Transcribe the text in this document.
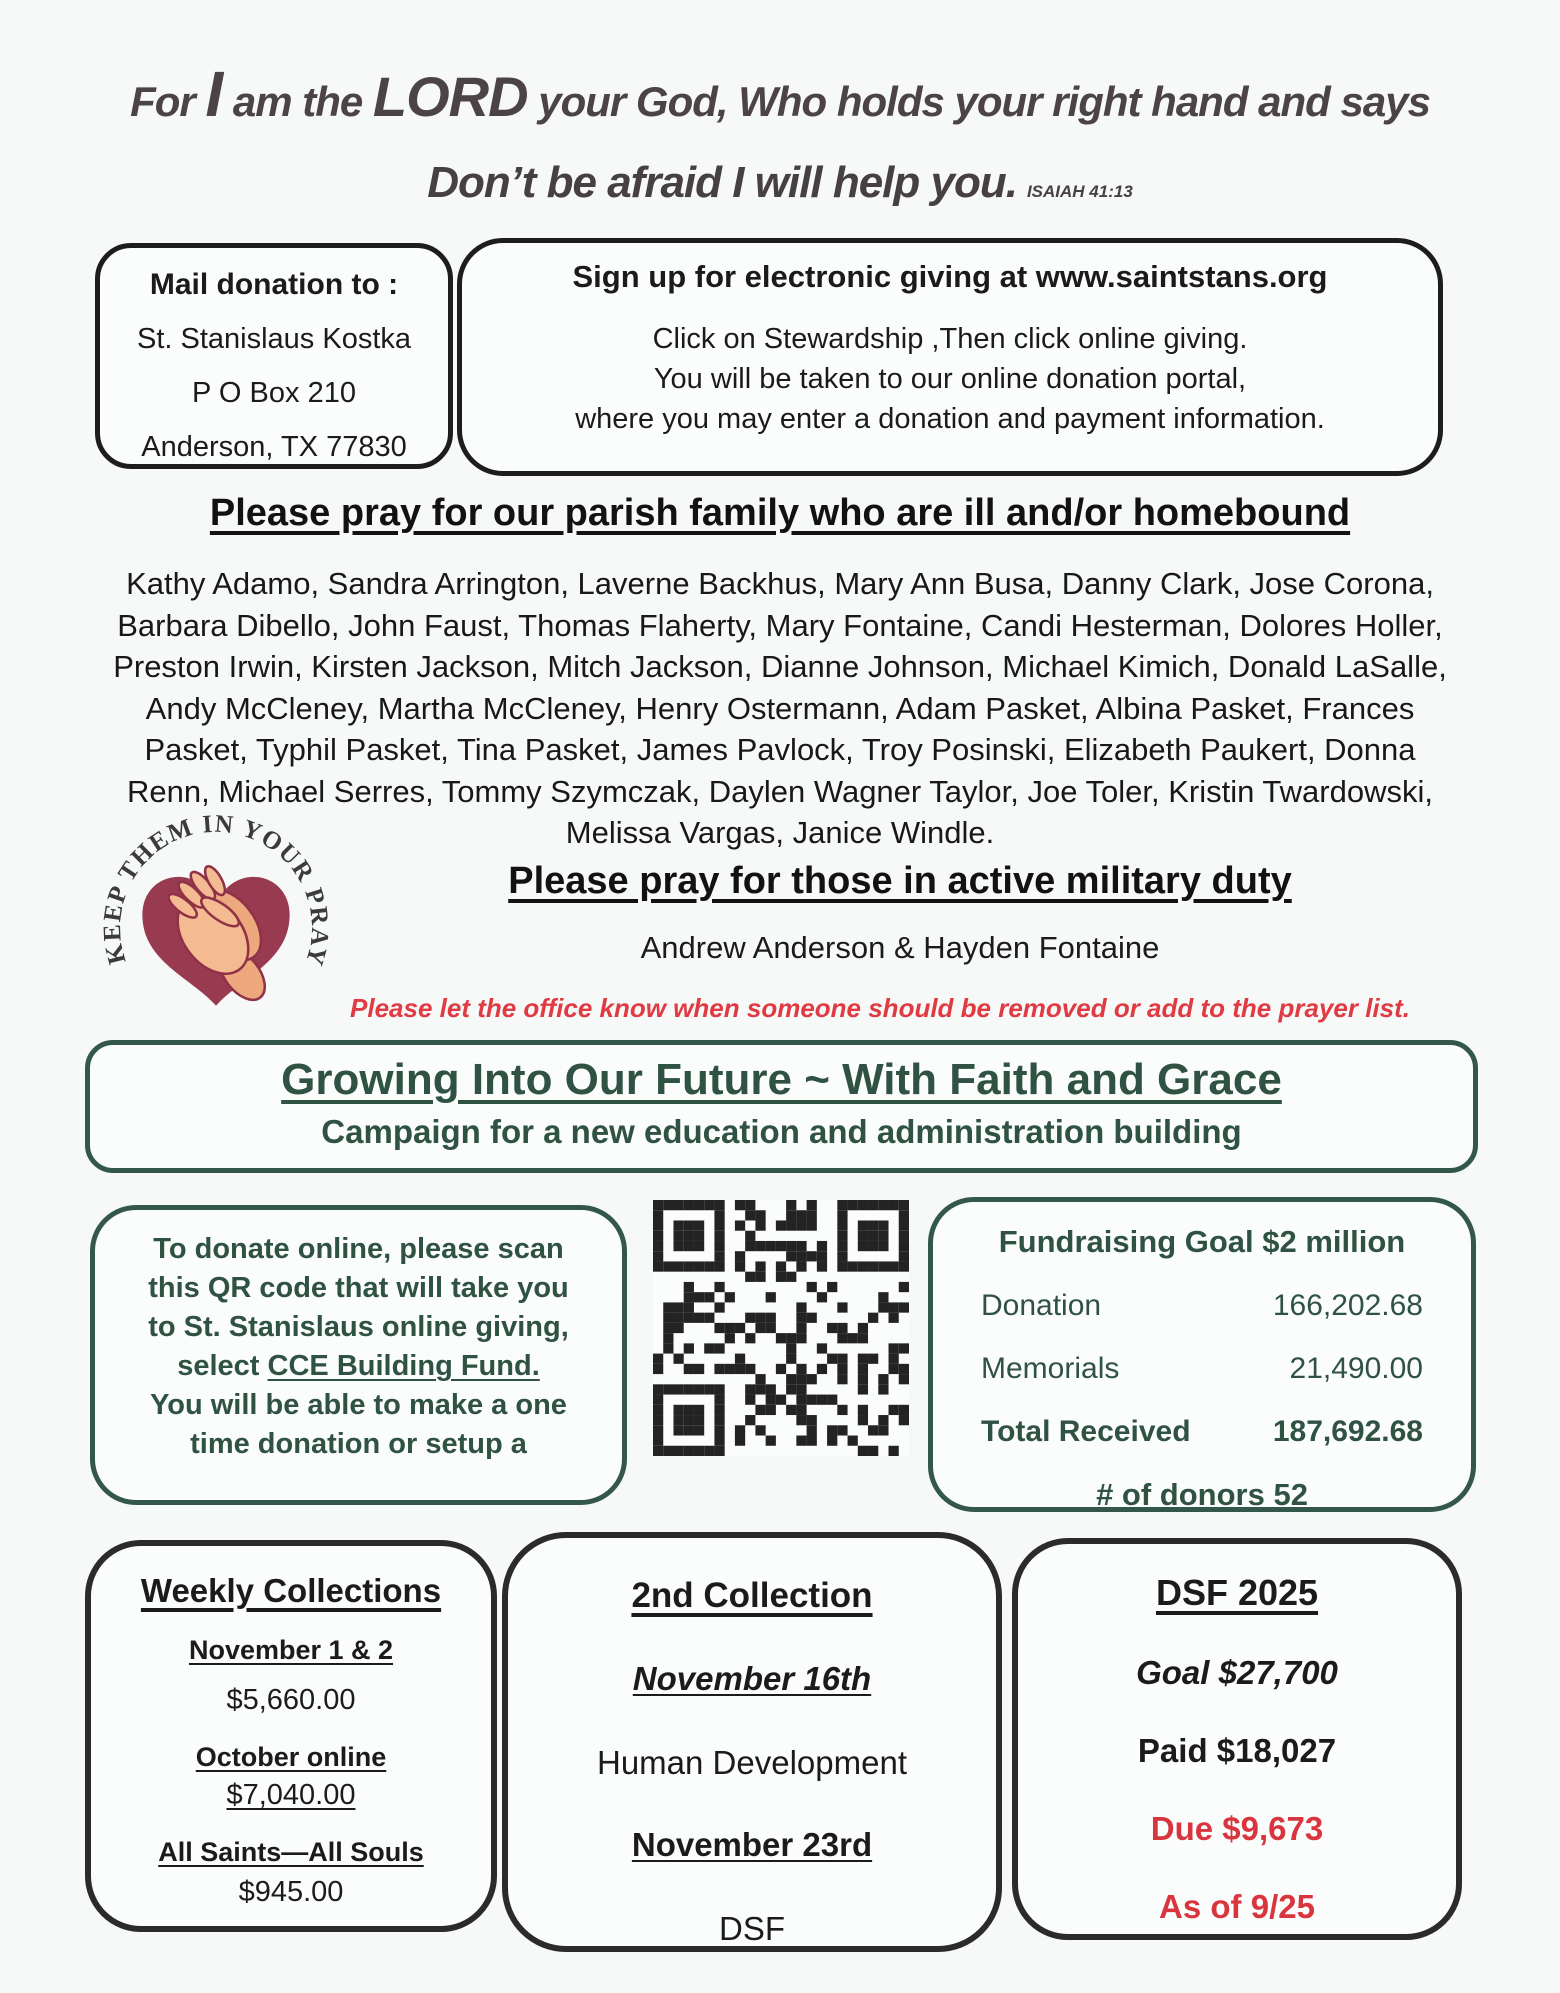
For I am the LORD your God, Who holds your right hand and says
Don’t be afraid I will help you. ISAIAH 41:13
Mail donation to :
St. Stanislaus Kostka
P O Box 210
Anderson, TX 77830
Sign up for electronic giving at www.saintstans.org
Click on Stewardship ,Then click online giving.
You will be taken to our online donation portal,
where you may enter a donation and payment information.
Please pray for our parish family who are ill and/or homebound

Kathy Adamo, Sandra Arrington, Laverne Backhus, Mary Ann Busa, Danny Clark, Jose Corona, Barbara Dibello, John Faust, Thomas Flaherty, Mary Fontaine, Candi Hesterman, Dolores Holler, Preston Irwin, Kirsten Jackson, Mitch Jackson, Dianne Johnson, Michael Kimich, Donald LaSalle, Andy McCleney, Martha McCleney, Henry Ostermann, Adam Pasket, Albina Pasket, Frances Pasket, Typhil Pasket, Tina Pasket, James Pavlock, Troy Posinski, Elizabeth Paukert, Donna Renn, Michael Serres, Tommy Szymczak, Daylen Wagner Taylor, Joe Toler, Kristin Twardowski, Melissa Vargas, Janice Windle.

KEEP THEM IN YOUR PRAY
Please pray for those in active military duty
Andrew Anderson & Hayden Fontaine
Please let the office know when someone should be removed or add to the prayer list.
Growing Into Our Future ~ With Faith and Grace
Campaign for a new education and administration building
To donate online, please scan
this QR code that will take you
to St. Stanislaus online giving,
select CCE Building Fund.
You will be able to make a one
time donation or setup a
Fundraising Goal $2 million
Donation	166,202.68
Memorials	21,490.00
Total Received	187,692.68
# of donors 52
Weekly Collections
November 1 & 2
$5,660.00
October online
$7,040.00
All Saints—All Souls
$945.00
2nd Collection
November 16th
Human Development
November 23rd
DSF
DSF 2025
Goal $27,700
Paid $18,027
Due $9,673
As of 9/25
